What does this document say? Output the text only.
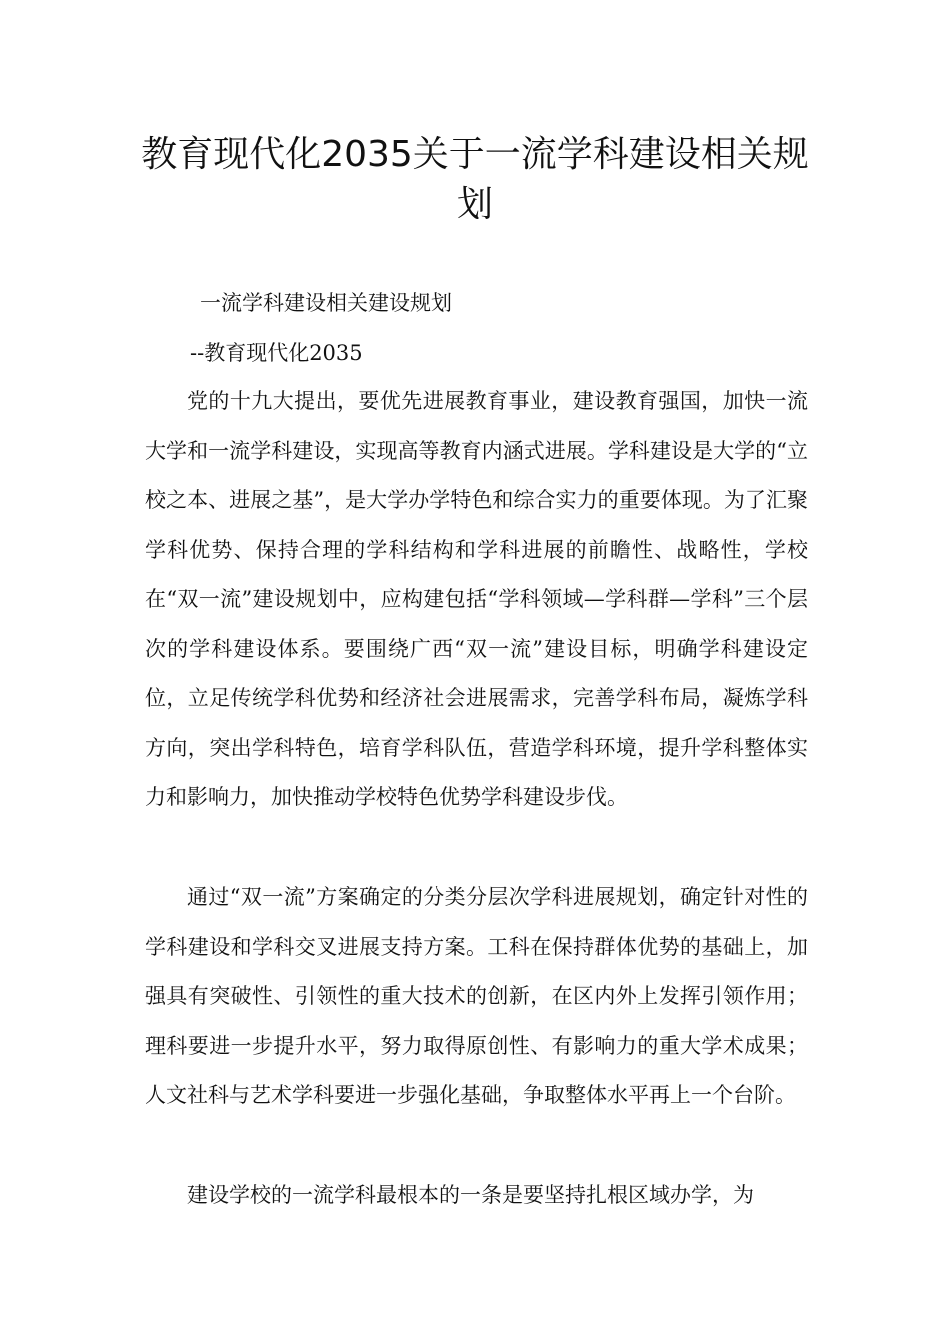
教育现代化2035关于一流学科建设相关规划
一流学科建设相关建设规划
--教育现代化2035

党的十九大提出，要优先进展教育事业，建设教育强国，加快一流大学和一流学科建设，实现高等教育内涵式进展。学科建设是大学的“立校之本、进展之基”，是大学办学特色和综合实力的重要体现。为了汇聚学科优势、保持合理的学科结构和学科进展的前瞻性、战略性，学校在“双一流”建设规划中，应构建包括“学科领域—学科群—学科”三个层次的学科建设体系。要围绕广西“双一流”建设目标，明确学科建设定位，立足传统学科优势和经济社会进展需求，完善学科布局，凝炼学科方向，突出学科特色，培育学科队伍，营造学科环境，提升学科整体实力和影响力，加快推动学校特色优势学科建设步伐。

通过“双一流”方案确定的分类分层次学科进展规划，确定针对性的学科建设和学科交叉进展支持方案。工科在保持群体优势的基础上，加强具有突破性、引领性的重大技术的创新，在区内外上发挥引领作用；理科要进一步提升水平，努力取得原创性、有影响力的重大学术成果；人文社科与艺术学科要进一步强化基础，争取整体水平再上一个台阶。

建设学校的一流学科最根本的一条是要坚持扎根区域办学，为
